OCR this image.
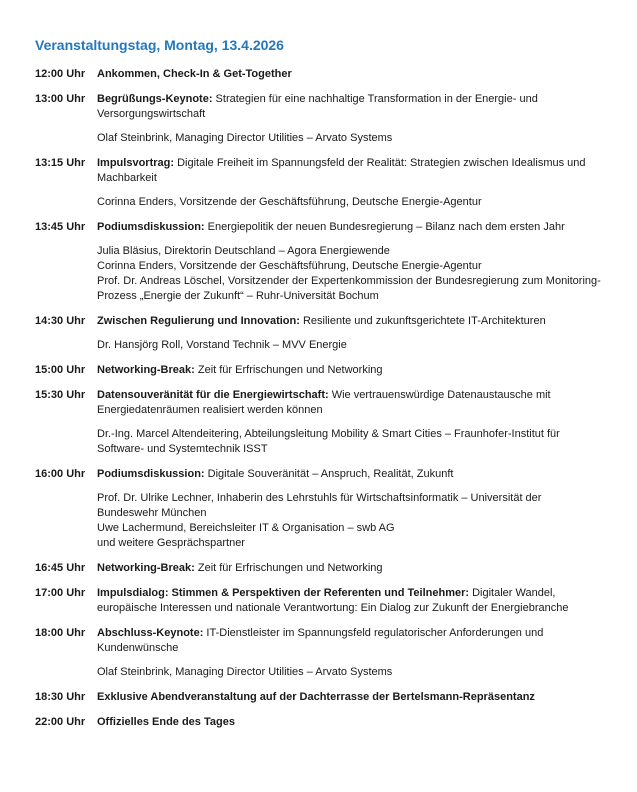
Veranstaltungstag, Montag, 13.4.2026
12:00 Uhr	Ankommen, Check-In & Get-Together

13:00 Uhr	Begrüßungs-Keynote: Strategien für eine nachhaltige Transformation in der Energie- und Versorgungswirtschaft

Olaf Steinbrink, Managing Director Utilities – Arvato Systems
13:15 Uhr	Impulsvortrag: Digitale Freiheit im Spannungsfeld der Realität: Strategien zwischen Idealismus und Machbarkeit

Corinna Enders, Vorsitzende der Geschäftsführung, Deutsche Energie-Agentur
13:45 Uhr	Podiumsdiskussion: Energiepolitik der neuen Bundesregierung – Bilanz nach dem ersten Jahr

Julia Bläsius, Direktorin Deutschland – Agora Energiewende
Corinna Enders, Vorsitzende der Geschäftsführung, Deutsche Energie-Agentur
Prof. Dr. Andreas Löschel, Vorsitzender der Expertenkommission der Bundesregierung zum Monitoring-Prozess „Energie der Zukunft“ – Ruhr-Universität Bochum
14:30 Uhr	Zwischen Regulierung und Innovation: Resiliente und zukunftsgerichtete IT-Architekturen

Dr. Hansjörg Roll, Vorstand Technik – MVV Energie
15:00 Uhr	Networking-Break: Zeit für Erfrischungen und Networking

15:30 Uhr	Datensouveränität für die Energiewirtschaft: Wie vertrauenswürdige Datenaustausche mit Energiedatenräumen realisiert werden können

Dr.-Ing. Marcel Altendeitering, Abteilungsleitung Mobility & Smart Cities – Fraunhofer-Institut für Software- und Systemtechnik ISST
16:00 Uhr	Podiumsdiskussion: Digitale Souveränität – Anspruch, Realität, Zukunft

Prof. Dr. Ulrike Lechner, Inhaberin des Lehrstuhls für Wirtschaftsinformatik – Universität der Bundeswehr München
Uwe Lachermund, Bereichsleiter IT & Organisation – swb AG
und weitere Gesprächspartner
16:45 Uhr	Networking-Break: Zeit für Erfrischungen und Networking

17:00 Uhr	Impulsdialog: Stimmen & Perspektiven der Referenten und Teilnehmer: Digitaler Wandel, europäische Interessen und nationale Verantwortung: Ein Dialog zur Zukunft der Energiebranche

18:00 Uhr	Abschluss-Keynote: IT-Dienstleister im Spannungsfeld regulatorischer Anforderungen und Kundenwünsche

Olaf Steinbrink, Managing Director Utilities – Arvato Systems
18:30 Uhr	Exklusive Abendveranstaltung auf der Dachterrasse der Bertelsmann-Repräsentanz

22:00 Uhr	Offizielles Ende des Tages
